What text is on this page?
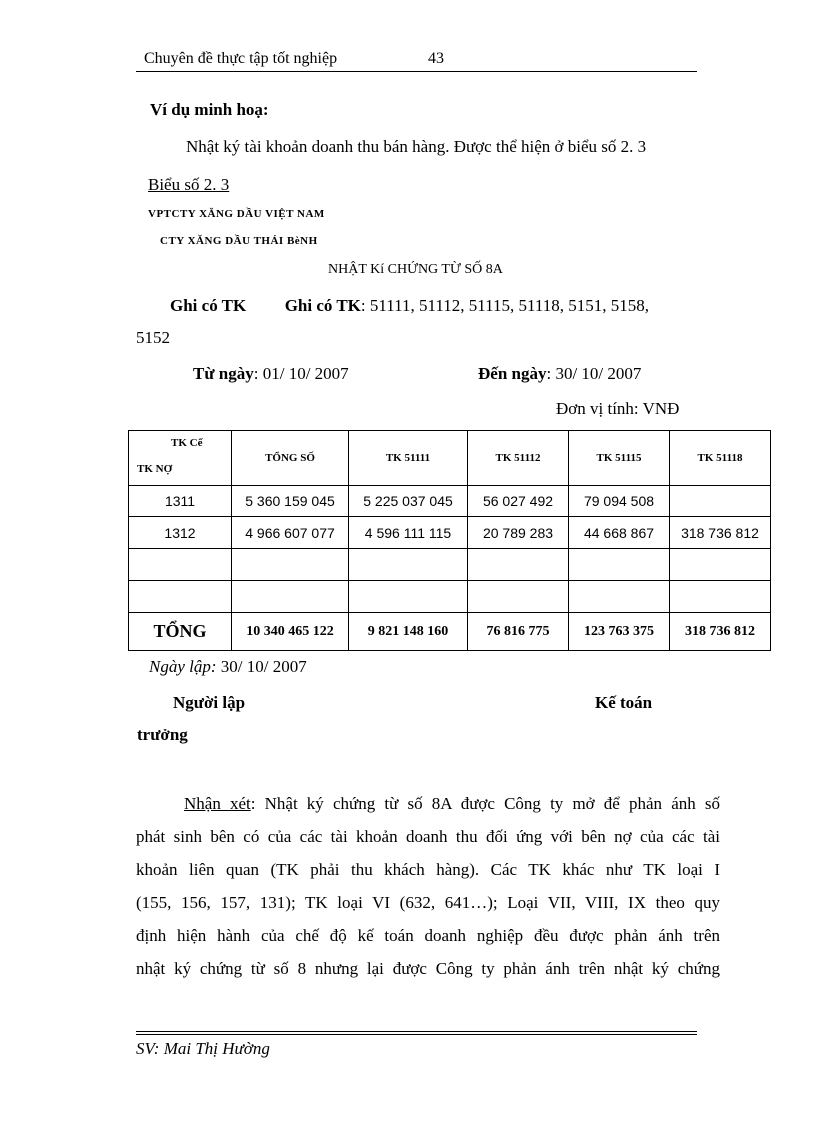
Chuyên đề thực tập tốt nghiệp	43
Ví dụ minh hoạ:
Nhật ký tài khoản doanh thu bán hàng. Được thể hiện ở biểu số 2. 3
Biểu số 2. 3
VPTCTY XĂNG DẦU VIỆT NAM
CTY XĂNG DẦU THÁI BèNH
NHẬT Kí CHỨNG TỪ SỐ 8A
Ghi có TK Ghi có TK: 51111, 51112, 51115, 51118, 5151, 5158,
5152
Từ ngày: 01/ 10/ 2007	Đến ngày: 30/ 10/ 2007
Đơn vị tính: VNĐ
TK Cể
TK NỢ	TỔNG SỐ	TK 51111	TK 51112	TK 51115	TK 51118
1311	5 360 159 045	5 225 037 045	56 027 492	79 094 508	
1312	4 966 607 077	4 596 111 115	20 789 283	44 668 867	318 736 812

TỔNG	10 340 465 122	9 821 148 160	76 816 775	123 763 375	318 736 812
Ngày lập: 30/ 10/ 2007
Người lập	Kế toán
trưởng
Nhận xét: Nhật ký chứng từ số 8A được Công ty mở để phản ánh số
phát sinh bên có của các tài khoản doanh thu đối ứng với bên nợ của các tài
khoản liên quan (TK phải thu khách hàng). Các TK khác như TK loại I
(155, 156, 157, 131); TK loại VI (632, 641…); Loại VII, VIII, IX theo quy
định hiện hành của chế độ kế toán doanh nghiệp đều được phản ánh trên
nhật ký chứng từ số 8 nhưng lại được Công ty phản ánh trên nhật ký chứng
SV: Mai Thị Hường
